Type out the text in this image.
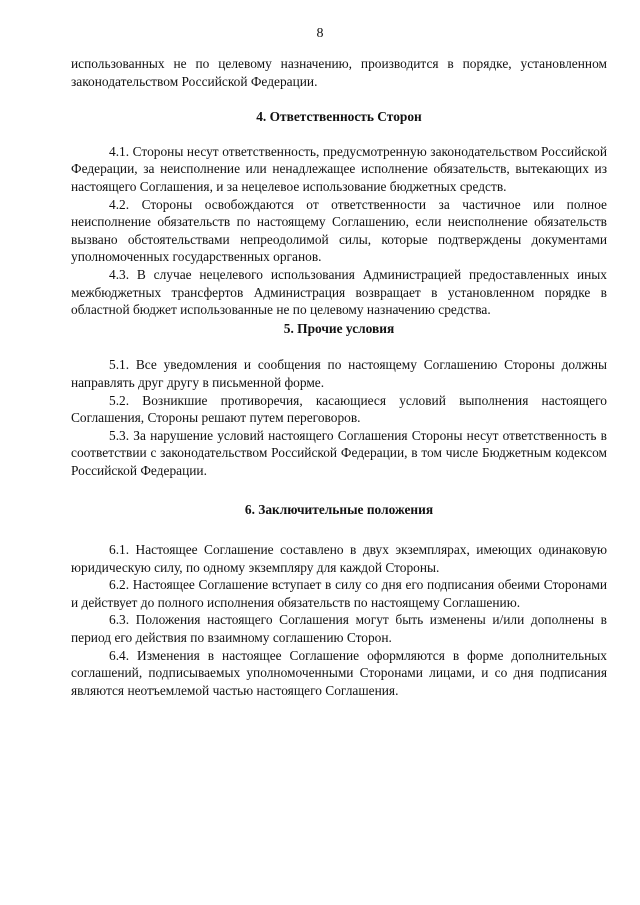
8

использованных не по целевому назначению, производится в порядке, установленном законодательством Российской Федерации.

4. Ответственность Сторон

4.1. Стороны несут ответственность, предусмотренную законодательством Российской Федерации, за неисполнение или ненадлежащее исполнение обязательств, вытекающих из настоящего Соглашения, и за нецелевое использование бюджетных средств.

4.2. Стороны освобождаются от ответственности за частичное или полное неисполнение обязательств по настоящему Соглашению, если неисполнение обязательств вызвано обстоятельствами непреодолимой силы, которые подтверждены документами уполномоченных государственных органов.

4.3. В случае нецелевого использования Администрацией предоставленных иных межбюджетных трансфертов Администрация возвращает в установленном порядке в областной бюджет использованные не по целевому назначению средства.

5. Прочие условия

5.1. Все уведомления и сообщения по настоящему Соглашению Стороны должны направлять друг другу в письменной форме.

5.2. Возникшие противоречия, касающиеся условий выполнения настоящего Соглашения, Стороны решают путем переговоров.

5.3. За нарушение условий настоящего Соглашения Стороны несут ответственность в соответствии с законодательством Российской Федерации, в том числе Бюджетным кодексом Российской Федерации.

6. Заключительные положения

6.1. Настоящее Соглашение составлено в двух экземплярах, имеющих одинаковую юридическую силу, по одному экземпляру для каждой Стороны.

6.2. Настоящее Соглашение вступает в силу со дня его подписания обеими Сторонами и действует до полного исполнения обязательств по настоящему Соглашению.

6.3. Положения настоящего Соглашения могут быть изменены и/или дополнены в период его действия по взаимному соглашению Сторон.

6.4. Изменения в настоящее Соглашение оформляются в форме дополнительных соглашений, подписываемых уполномоченными Сторонами лицами, и со дня подписания являются неотъемлемой частью настоящего Соглашения.
